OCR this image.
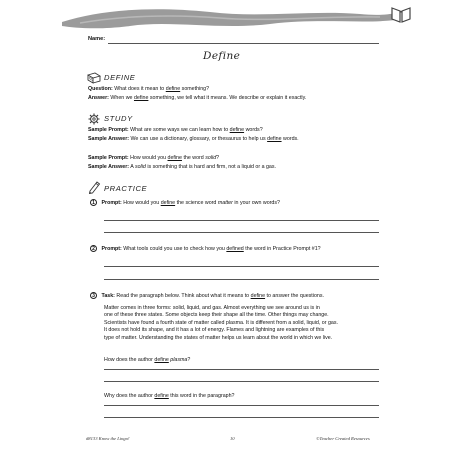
Name:
Define
DEFINE
Question: What does it mean to define something?
Answer: When we define something, we tell what it means. We describe or explain it exactly.
STUDY
Sample Prompt: What are some ways we can learn how to define words?
Sample Answer: We can use a dictionary, glossary, or thesaurus to help us define words.
Sample Prompt: How would you define the word solid?
Sample Answer: A solid is something that is hard and firm, not a liquid or a gas.
PRACTICE
1 Prompt: How would you define the science word matter in your own words?
2 Prompt: What tools could you use to check how you defined the word in Practice Prompt #1?
3 Task: Read the paragraph below. Think about what it means to define to answer the questions.
Matter comes in three forms: solid, liquid, and gas. Almost everything we see around us is in
one of these three states. Some objects keep their shape all the time. Other things may change.
Scientists have found a fourth state of matter called plasma. It is different from a solid, liquid, or gas.
It does not hold its shape, and it has a lot of energy. Flames and lightning are examples of this
type of matter. Understanding the states of matter helps us learn about the world in which we live.
How does the author define plasma?
Why does the author define this word in the paragraph?
#8133 Know the Lingo!	10	©Teacher Created Resources
